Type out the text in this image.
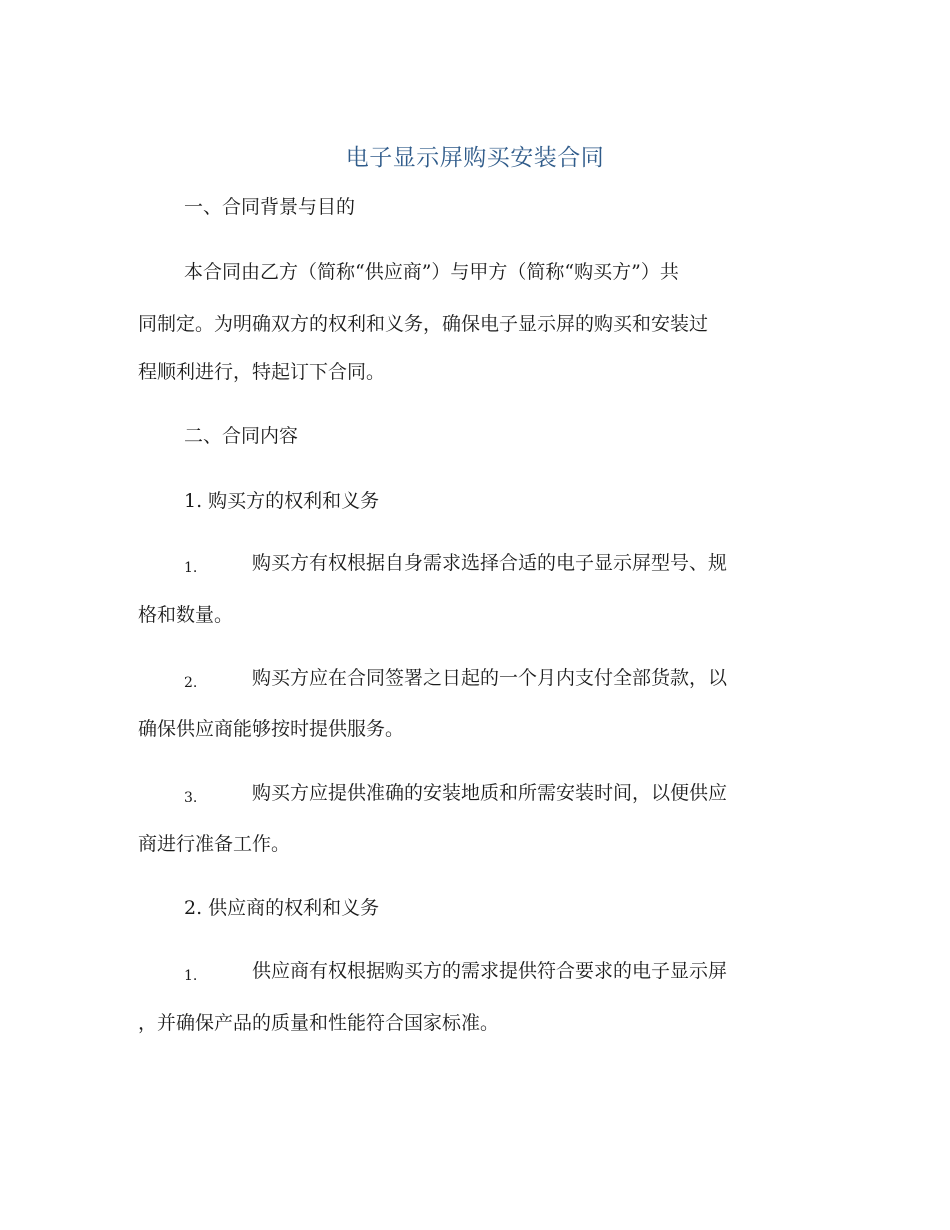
电子显示屏购买安装合同
一、合同背景与目的
本合同由乙方（简称“供应商”）与甲方（简称“购买方”）共
同制定。为明确双方的权利和义务，确保电子显示屏的购买和安装过
程顺利进行，特起订下合同。
二、合同内容
1. 购买方的权利和义务
1.	购买方有权根据自身需求选择合适的电子显示屏型号、规
格和数量。
2.	购买方应在合同签署之日起的一个月内支付全部货款，以
确保供应商能够按时提供服务。
3.	购买方应提供准确的安装地质和所需安装时间，以便供应
商进行准备工作。
2. 供应商的权利和义务
1.	供应商有权根据购买方的需求提供符合要求的电子显示屏
，并确保产品的质量和性能符合国家标准。
